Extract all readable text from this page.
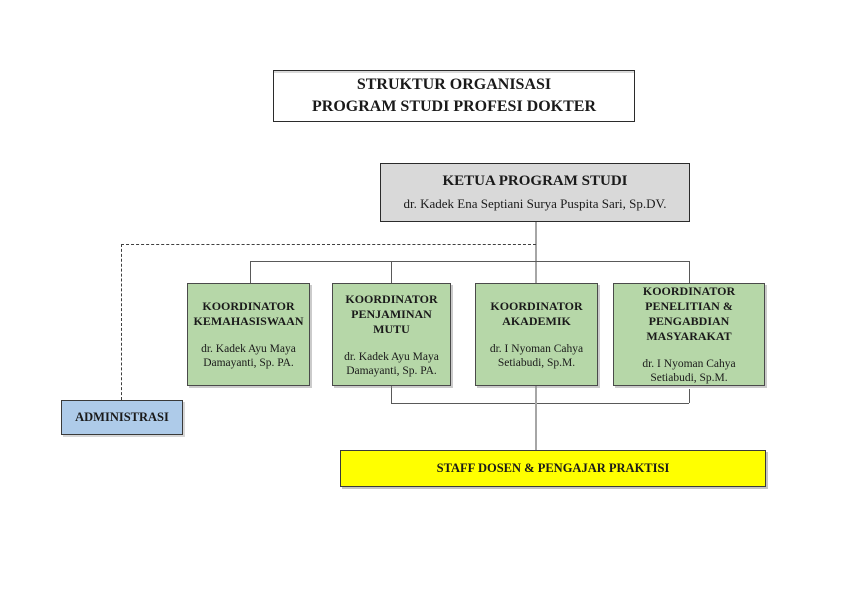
STRUKTUR ORGANISASI
PROGRAM STUDI PROFESI DOKTER
KETUA PROGRAM STUDI
dr. Kadek Ena Septiani Surya Puspita Sari, Sp.DV.
KOORDINATOR KEMAHASISWAAN
dr. Kadek Ayu Maya Damayanti, Sp. PA.
KOORDINATOR PENJAMINAN MUTU
dr. Kadek Ayu Maya Damayanti, Sp. PA.
KOORDINATOR AKADEMIK
dr. I Nyoman Cahya Setiabudi, Sp.M.
KOORDINATOR PENELITIAN & PENGABDIAN MASYARAKAT
dr. I Nyoman Cahya Setiabudi, Sp.M.
ADMINISTRASI
STAFF DOSEN & PENGAJAR PRAKTISI
